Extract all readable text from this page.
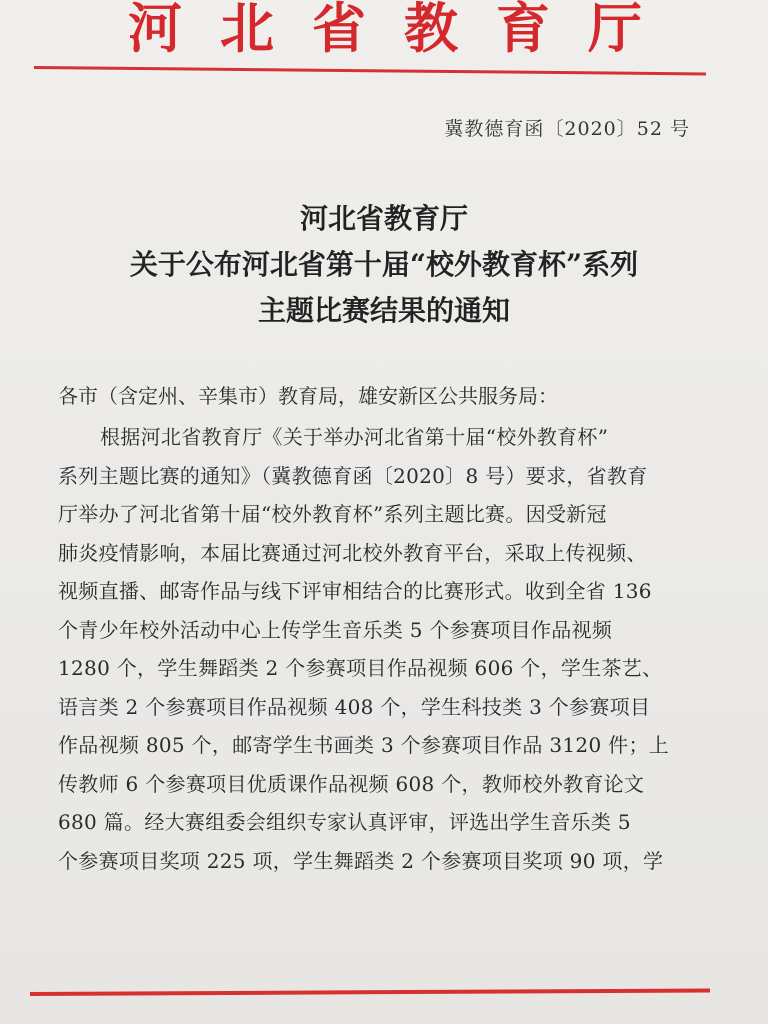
河北省教育厅
冀教德育函〔2020〕52 号
河北省教育厅
关于公布河北省第十届“校外教育杯”系列
主题比赛结果的通知
各市（含定州、辛集市）教育局，雄安新区公共服务局：
根据河北省教育厅《关于举办河北省第十届“校外教育杯”
系列主题比赛的通知》（冀教德育函〔2020〕8 号）要求，省教育
厅举办了河北省第十届“校外教育杯”系列主题比赛。因受新冠
肺炎疫情影响，本届比赛通过河北校外教育平台，采取上传视频、
视频直播、邮寄作品与线下评审相结合的比赛形式。收到全省 136
个青少年校外活动中心上传学生音乐类 5 个参赛项目作品视频
1280 个，学生舞蹈类 2 个参赛项目作品视频 606 个，学生茶艺、
语言类 2 个参赛项目作品视频 408 个，学生科技类 3 个参赛项目
作品视频 805 个，邮寄学生书画类 3 个参赛项目作品 3120 件；上
传教师 6 个参赛项目优质课作品视频 608 个，教师校外教育论文
680 篇。经大赛组委会组织专家认真评审，评选出学生音乐类 5
个参赛项目奖项 225 项，学生舞蹈类 2 个参赛项目奖项 90 项，学
